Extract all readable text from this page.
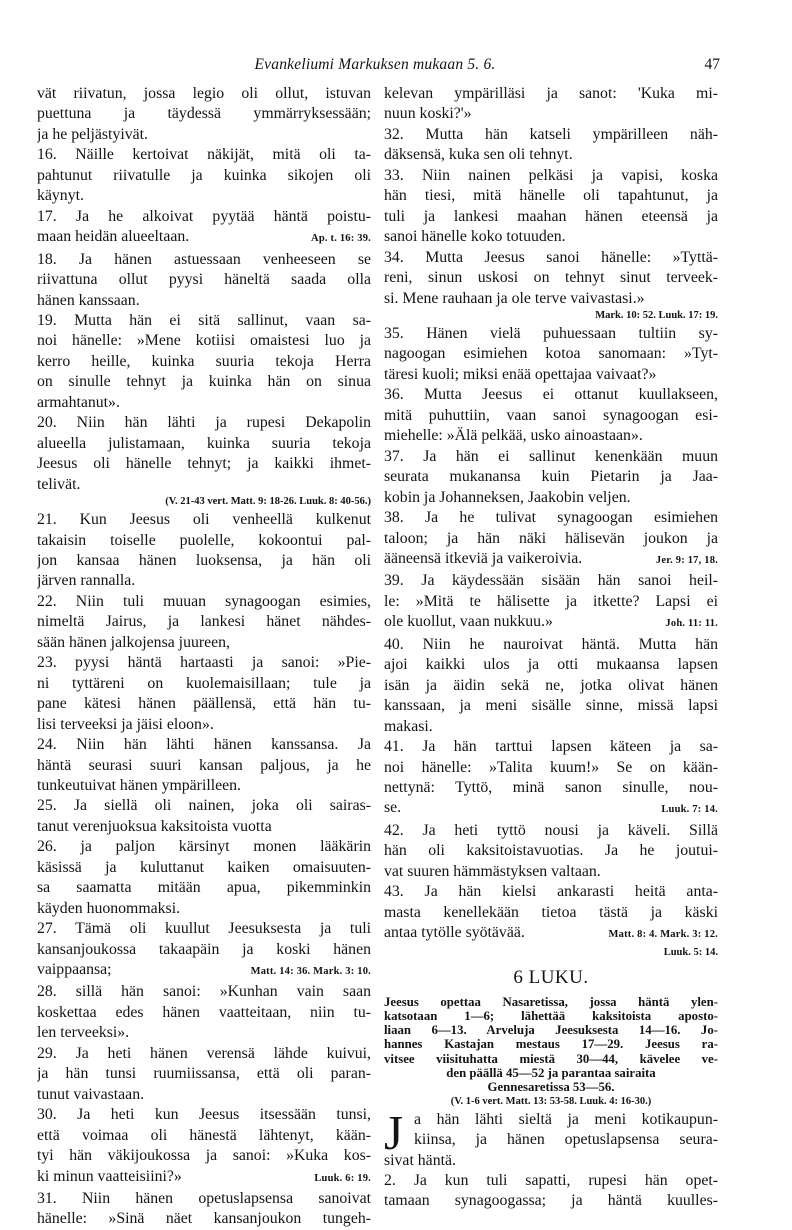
Evankeliumi Markuksen mukaan 5. 6.	47
vät riivatun, jossa legio oli ollut, istuvan
puettuna ja täydessä ymmärryksessään;
ja he peljästyivät.
16. Näille kertoivat näkijät, mitä oli ta-
pahtunut riivatulle ja kuinka sikojen oli
käynyt.
17. Ja he alkoivat pyytää häntä poistu-
maan heidän alueeltaan.	Ap. t. 16: 39.
18. Ja hänen astuessaan venheeseen se
riivattuna ollut pyysi häneltä saada olla
hänen kanssaan.
19. Mutta hän ei sitä sallinut, vaan sa-
noi hänelle: »Mene kotiisi omaistesi luo ja
kerro heille, kuinka suuria tekoja Herra
on sinulle tehnyt ja kuinka hän on sinua
armahtanut».
20. Niin hän lähti ja rupesi Dekapolin
alueella julistamaan, kuinka suuria tekoja
Jeesus oli hänelle tehnyt; ja kaikki ihmet-
telivät.
(V. 21-43 vert. Matt. 9: 18-26. Luuk. 8: 40-56.)
21. Kun Jeesus oli venheellä kulkenut
takaisin toiselle puolelle, kokoontui pal-
jon kansaa hänen luoksensa, ja hän oli
järven rannalla.
22. Niin tuli muuan synagoogan esimies,
nimeltä Jairus, ja lankesi hänet nähdes-
sään hänen jalkojensa juureen,
23. pyysi häntä hartaasti ja sanoi: »Pie-
ni tyttäreni on kuolemaisillaan; tule ja
pane kätesi hänen päällensä, että hän tu-
lisi terveeksi ja jäisi eloon».
24. Niin hän lähti hänen kanssansa. Ja
häntä seurasi suuri kansan paljous, ja he
tunkeutuivat hänen ympärilleen.
25. Ja siellä oli nainen, joka oli sairas-
tanut verenjuoksua kaksitoista vuotta
26. ja paljon kärsinyt monen lääkärin
käsissä ja kuluttanut kaiken omaisuuten-
sa saamatta mitään apua, pikemminkin
käyden huonommaksi.
27. Tämä oli kuullut Jeesuksesta ja tuli
kansanjoukossa takaapäin ja koski hänen
vaippaansa;	Matt. 14: 36. Mark. 3: 10.
28. sillä hän sanoi: »Kunhan vain saan
koskettaa edes hänen vaatteitaan, niin tu-
len terveeksi».
29. Ja heti hänen verensä lähde kuivui,
ja hän tunsi ruumiissansa, että oli paran-
tunut vaivastaan.
30. Ja heti kun Jeesus itsessään tunsi,
että voimaa oli hänestä lähtenyt, kään-
tyi hän väkijoukossa ja sanoi: »Kuka kos-
ki minun vaatteisiini?»	Luuk. 6: 19.
31. Niin hänen opetuslapsensa sanoivat
hänelle: »Sinä näet kansanjoukon tungeh-
kelevan ympärilläsi ja sanot: 'Kuka mi-
nuun koski?'»
32. Mutta hän katseli ympärilleen näh-
däksensä, kuka sen oli tehnyt.
33. Niin nainen pelkäsi ja vapisi, koska
hän tiesi, mitä hänelle oli tapahtunut, ja
tuli ja lankesi maahan hänen eteensä ja
sanoi hänelle koko totuuden.
34. Mutta Jeesus sanoi hänelle: »Tyttä-
reni, sinun uskosi on tehnyt sinut terveek-
si. Mene rauhaan ja ole terve vaivastasi.»
Mark. 10: 52. Luuk. 17: 19.
35. Hänen vielä puhuessaan tultiin sy-
nagoogan esimiehen kotoa sanomaan: »Tyt-
täresi kuoli; miksi enää opettajaa vaivaat?»
36. Mutta Jeesus ei ottanut kuullakseen,
mitä puhuttiin, vaan sanoi synagoogan esi-
miehelle: »Älä pelkää, usko ainoastaan».
37. Ja hän ei sallinut kenenkään muun
seurata mukanansa kuin Pietarin ja Jaa-
kobin ja Johanneksen, Jaakobin veljen.
38. Ja he tulivat synagoogan esimiehen
taloon; ja hän näki hälisevän joukon ja
ääneensä itkeviä ja vaikeroivia.	Jer. 9: 17, 18.
39. Ja käydessään sisään hän sanoi heil-
le: »Mitä te hälisette ja itkette? Lapsi ei
ole kuollut, vaan nukkuu.»	Joh. 11: 11.
40. Niin he nauroivat häntä. Mutta hän
ajoi kaikki ulos ja otti mukaansa lapsen
isän ja äidin sekä ne, jotka olivat hänen
kanssaan, ja meni sisälle sinne, missä lapsi
makasi.
41. Ja hän tarttui lapsen käteen ja sa-
noi hänelle: »Talita kuum!» Se on kään-
nettynä: Tyttö, minä sanon sinulle, nou-
se.	Luuk. 7: 14.
42. Ja heti tyttö nousi ja käveli. Sillä
hän oli kaksitoistavuotias. Ja he joutui-
vat suuren hämmästyksen valtaan.
43. Ja hän kielsi ankarasti heitä anta-
masta kenellekään tietoa tästä ja käski
antaa tytölle syötävää.	Matt. 8: 4. Mark. 3: 12.
Luuk. 5: 14.
6 LUKU.
Jeesus opettaa Nasaretissa, jossa häntä ylen-
katsotaan 1—6; lähettää kaksitoista aposto-
liaan 6—13. Arveluja Jeesuksesta 14—16. Jo-
hannes Kastajan mestaus 17—29. Jeesus ra-
vitsee viisituhatta miestä 30—44, kävelee ve-
den päällä 45—52 ja parantaa sairaita
Gennesaretissa 53—56.
(V. 1-6 vert. Matt. 13: 53-58. Luuk. 4: 16-30.)
J a hän lähti sieltä ja meni kotikaupun-
kiinsa, ja hänen opetuslapsensa seura-
sivat häntä.
2. Ja kun tuli sapatti, rupesi hän opet-
tamaan synagoogassa; ja häntä kuulles-
